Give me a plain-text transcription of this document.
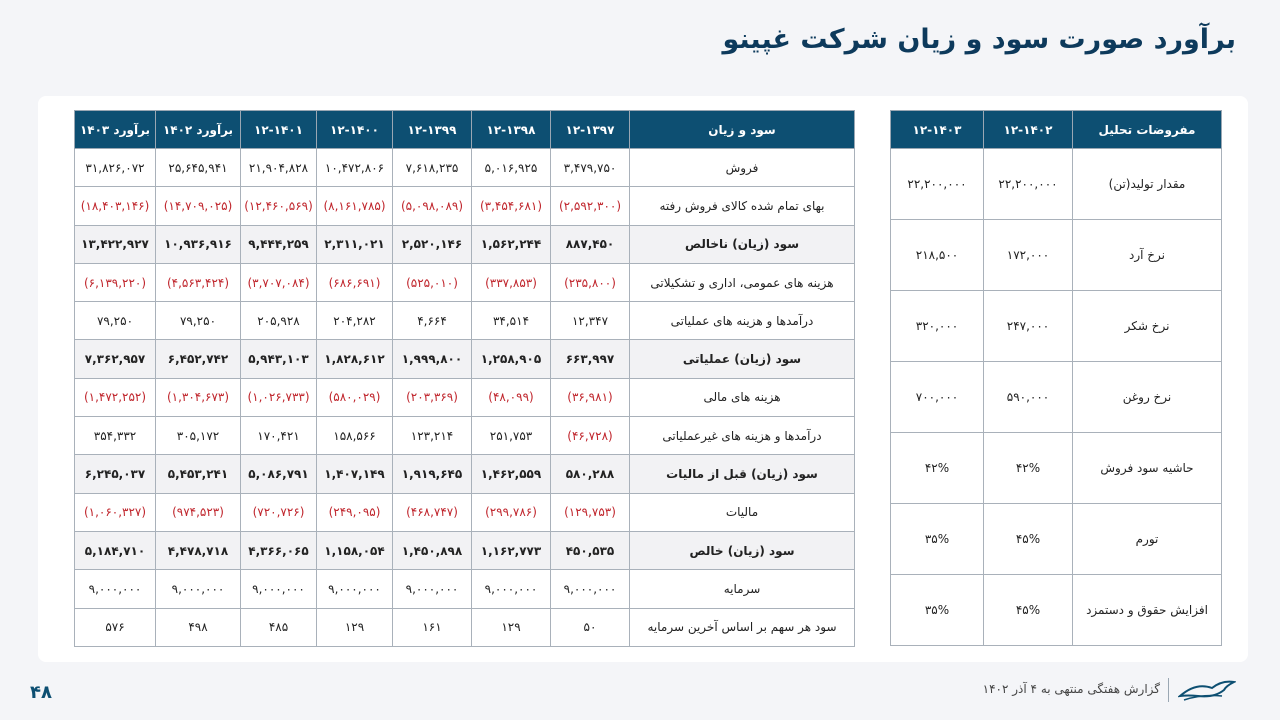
برآورد صورت سود و زیان شرکت غپینو
سود و زیان	۱۲-۱۳۹۷	۱۲-۱۳۹۸	۱۲-۱۳۹۹	۱۲-۱۴۰۰	۱۲-۱۴۰۱	برآورد ۱۴۰۲	برآورد ۱۴۰۳
فروش	۳,۴۷۹,۷۵۰	۵,۰۱۶,۹۲۵	۷,۶۱۸,۲۳۵	۱۰,۴۷۲,۸۰۶	۲۱,۹۰۴,۸۲۸	۲۵,۶۴۵,۹۴۱	۳۱,۸۲۶,۰۷۲
بهای تمام شده کالای فروش رفته	(۲,۵۹۲,۳۰۰)	(۳,۴۵۴,۶۸۱)	(۵,۰۹۸,۰۸۹)	(۸,۱۶۱,۷۸۵)	(۱۲,۴۶۰,۵۶۹)	(۱۴,۷۰۹,۰۲۵)	(۱۸,۴۰۳,۱۴۶)
سود (زیان) ناخالص	۸۸۷,۴۵۰	۱,۵۶۲,۲۴۴	۲,۵۲۰,۱۴۶	۲,۳۱۱,۰۲۱	۹,۴۴۴,۲۵۹	۱۰,۹۳۶,۹۱۶	۱۳,۴۲۲,۹۲۷
هزینه های عمومی، اداری و تشکیلاتی	(۲۳۵,۸۰۰)	(۳۳۷,۸۵۳)	(۵۲۵,۰۱۰)	(۶۸۶,۶۹۱)	(۳,۷۰۷,۰۸۴)	(۴,۵۶۳,۴۲۴)	(۶,۱۳۹,۲۲۰)
درآمدها و هزینه های عملیاتی	۱۲,۳۴۷	۳۴,۵۱۴	۴,۶۶۴	۲۰۴,۲۸۲	۲۰۵,۹۲۸	۷۹,۲۵۰	۷۹,۲۵۰
سود (زیان) عملیاتی	۶۶۳,۹۹۷	۱,۲۵۸,۹۰۵	۱,۹۹۹,۸۰۰	۱,۸۲۸,۶۱۲	۵,۹۴۳,۱۰۳	۶,۴۵۲,۷۴۲	۷,۳۶۲,۹۵۷
هزینه های مالی	(۳۶,۹۸۱)	(۴۸,۰۹۹)	(۲۰۳,۳۶۹)	(۵۸۰,۰۲۹)	(۱,۰۲۶,۷۳۳)	(۱,۳۰۴,۶۷۳)	(۱,۴۷۲,۲۵۲)
درآمدها و هزینه های غیرعملیاتی	(۴۶,۷۲۸)	۲۵۱,۷۵۳	۱۲۳,۲۱۴	۱۵۸,۵۶۶	۱۷۰,۴۲۱	۳۰۵,۱۷۲	۳۵۴,۳۳۲
سود (زیان) قبل از مالیات	۵۸۰,۲۸۸	۱,۴۶۲,۵۵۹	۱,۹۱۹,۶۴۵	۱,۴۰۷,۱۴۹	۵,۰۸۶,۷۹۱	۵,۴۵۳,۲۴۱	۶,۲۴۵,۰۳۷
مالیات	(۱۲۹,۷۵۳)	(۲۹۹,۷۸۶)	(۴۶۸,۷۴۷)	(۲۴۹,۰۹۵)	(۷۲۰,۷۲۶)	(۹۷۴,۵۲۳)	(۱,۰۶۰,۳۲۷)
سود (زیان) خالص	۴۵۰,۵۳۵	۱,۱۶۲,۷۷۳	۱,۴۵۰,۸۹۸	۱,۱۵۸,۰۵۴	۴,۳۶۶,۰۶۵	۴,۴۷۸,۷۱۸	۵,۱۸۴,۷۱۰
سرمایه	۹,۰۰۰,۰۰۰	۹,۰۰۰,۰۰۰	۹,۰۰۰,۰۰۰	۹,۰۰۰,۰۰۰	۹,۰۰۰,۰۰۰	۹,۰۰۰,۰۰۰	۹,۰۰۰,۰۰۰
سود هر سهم بر اساس آخرین سرمایه	۵۰	۱۲۹	۱۶۱	۱۲۹	۴۸۵	۴۹۸	۵۷۶
مفروضات تحلیل	۱۲-۱۴۰۲	۱۲-۱۴۰۳
مقدار تولید(تن)	۲۲,۲۰۰,۰۰۰	۲۲,۲۰۰,۰۰۰
نرخ آرد	۱۷۲,۰۰۰	۲۱۸,۵۰۰
نرخ شکر	۲۴۷,۰۰۰	۳۲۰,۰۰۰
نرخ روغن	۵۹۰,۰۰۰	۷۰۰,۰۰۰
حاشیه سود فروش	۴۲%	۴۲%
تورم	۴۵%	۳۵%
افزایش حقوق و دستمزد	۴۵%	۳۵%
۴۸	گزارش هفتگی منتهی به ۴ آذر ۱۴۰۲
